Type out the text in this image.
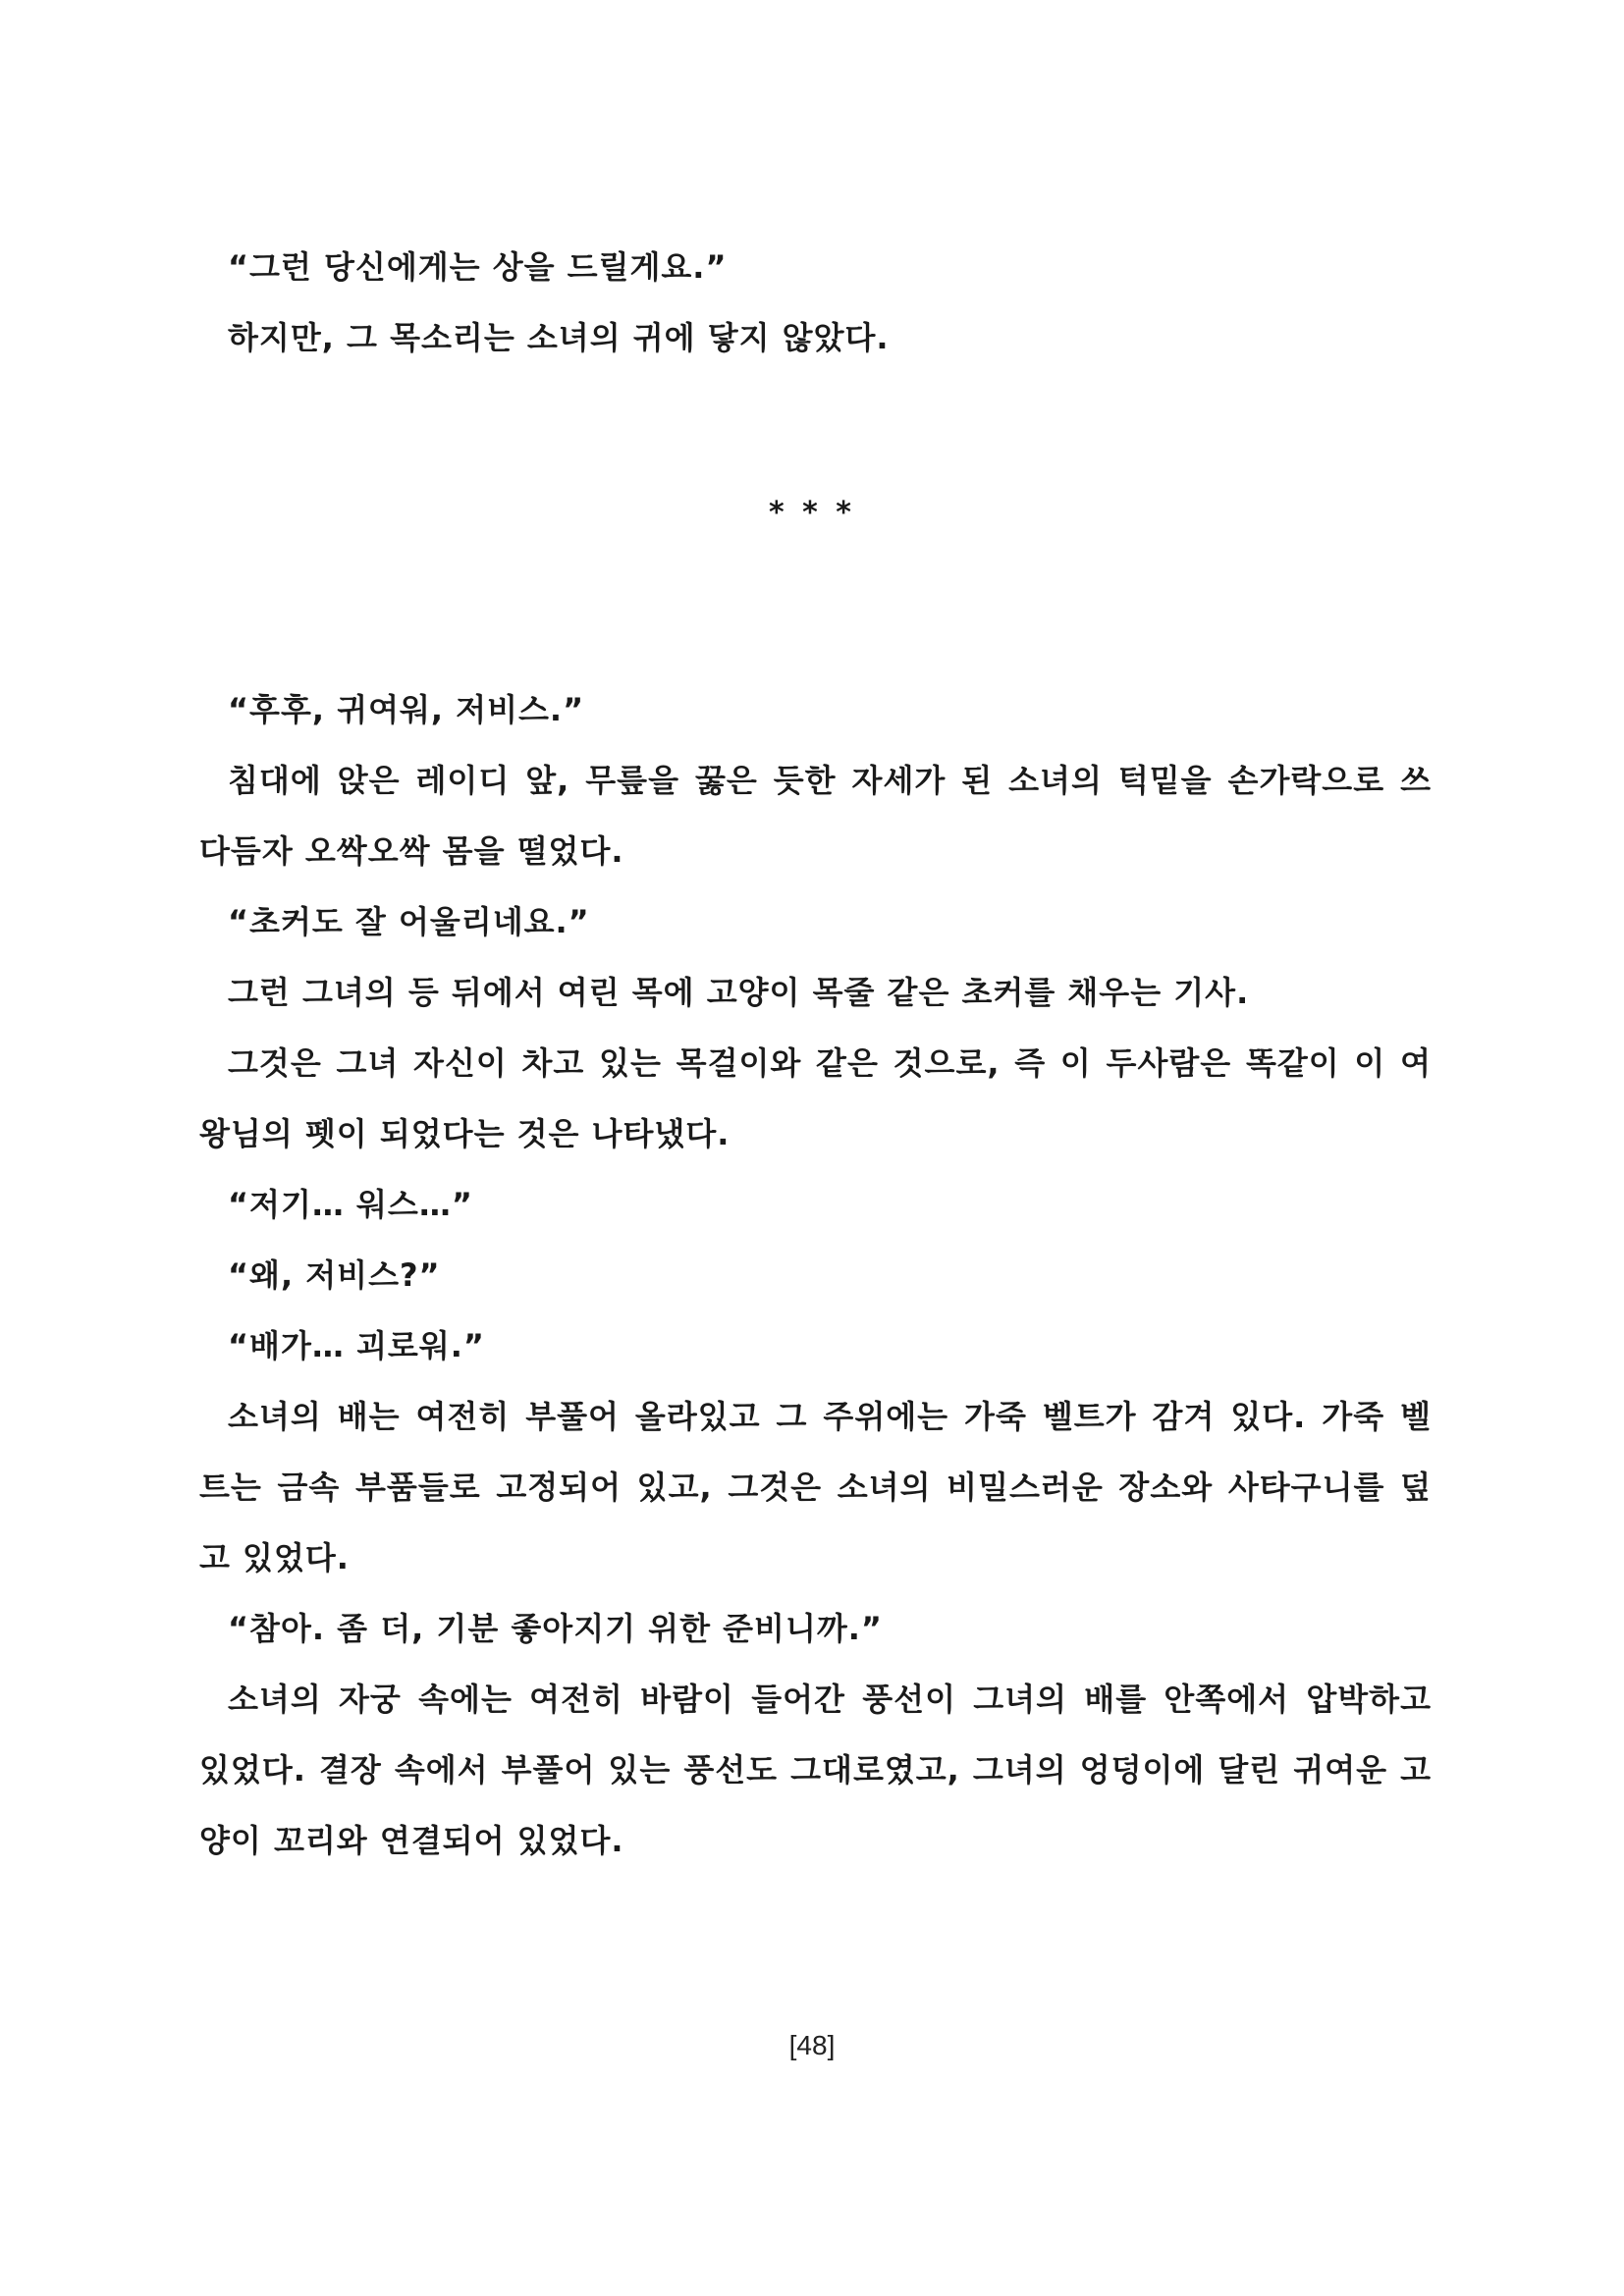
“그런 당신에게는 상을 드릴게요.”
하지만, 그 목소리는 소녀의 귀에 닿지 않았다.
* * *
“후후, 귀여워, 저비스.”
침대에 앉은 레이디 앞, 무릎을 꿇은 듯한 자세가 된 소녀의 턱밑을 손가락으로 쓰
다듬자 오싹오싹 몸을 떨었다.
“초커도 잘 어울리네요.”
그런 그녀의 등 뒤에서 여린 목에 고양이 목줄 같은 초커를 채우는 기사.
그것은 그녀 자신이 차고 있는 목걸이와 같은 것으로, 즉 이 두사람은 똑같이 이 여
왕님의 펫이 되었다는 것은 나타냈다.
“저기… 워스…”
“왜, 저비스?”
“배가… 괴로워.”
소녀의 배는 여전히 부풀어 올라있고 그 주위에는 가죽 벨트가 감겨 있다. 가죽 벨
트는 금속 부품들로 고정되어 있고, 그것은 소녀의 비밀스러운 장소와 사타구니를 덮
고 있었다.
“참아. 좀 더, 기분 좋아지기 위한 준비니까.”
소녀의 자궁 속에는 여전히 바람이 들어간 풍선이 그녀의 배를 안쪽에서 압박하고
있었다. 결장 속에서 부풀어 있는 풍선도 그대로였고, 그녀의 엉덩이에 달린 귀여운 고
양이 꼬리와 연결되어 있었다.
[48]
